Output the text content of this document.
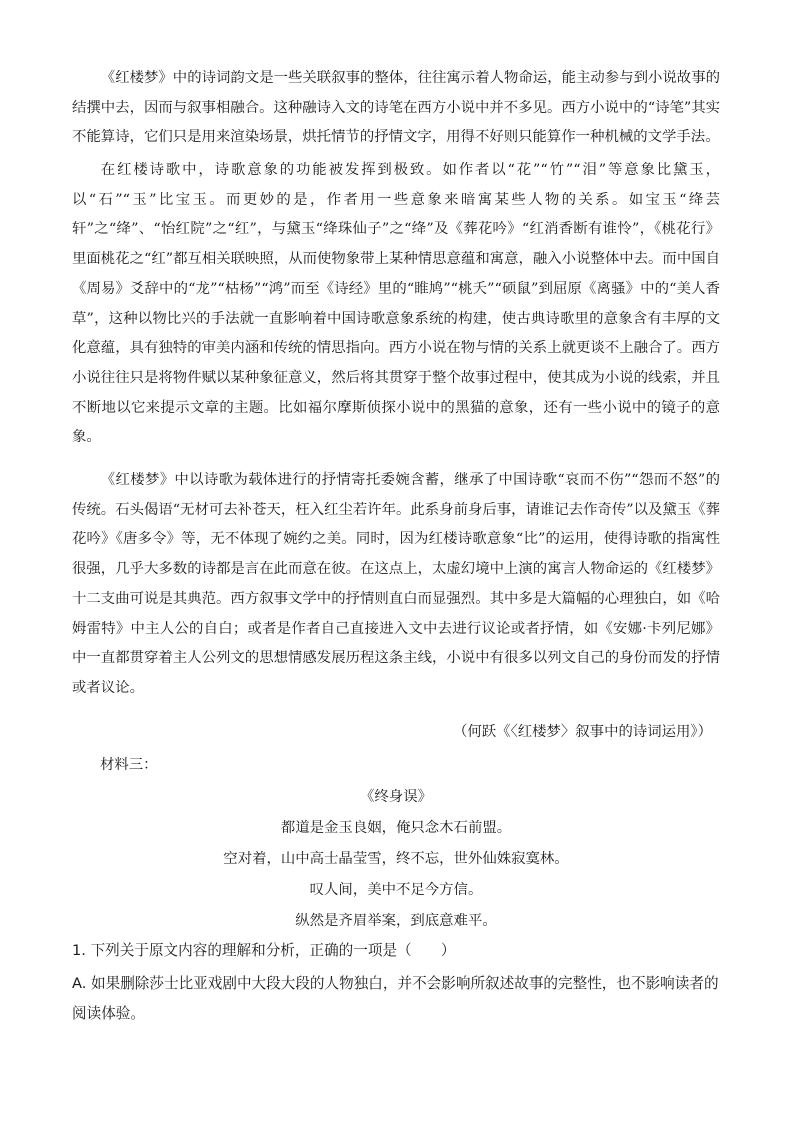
《红楼梦》中的诗词韵文是一些关联叙事的整体，往往寓示着人物命运，能主动参与到小说故事的结撰中去，因而与叙事相融合。这种融诗入文的诗笔在西方小说中并不多见。西方小说中的“诗笔”其实不能算诗，它们只是用来渲染场景，烘托情节的抒情文字，用得不好则只能算作一种机械的文学手法。

在红楼诗歌中，诗歌意象的功能被发挥到极致。如作者以“花”“竹”“泪”等意象比黛玉，以“石”“玉”比宝玉。而更妙的是，作者用一些意象来暗寓某些人物的关系。如宝玉“绛芸轩”之“绛”、“怡红院”之“红”，与黛玉“绛珠仙子”之“绛”及《葬花吟》“红消香断有谁怜”，《桃花行》里面桃花之“红”都互相关联映照，从而使物象带上某种情思意蕴和寓意，融入小说整体中去。而中国自《周易》爻辞中的“龙”“枯杨”“鸿”而至《诗经》里的“睢鸠”“桃夭”“硕鼠”到屈原《离骚》中的“美人香草”，这种以物比兴的手法就一直影响着中国诗歌意象系统的构建，使古典诗歌里的意象含有丰厚的文化意蕴，具有独特的审美内涵和传统的情思指向。西方小说在物与情的关系上就更谈不上融合了。西方小说往往只是将物件赋以某种象征意义，然后将其贯穿于整个故事过程中，使其成为小说的线索，并且不断地以它来提示文章的主题。比如福尔摩斯侦探小说中的黑猫的意象，还有一些小说中的镜子的意象。

《红楼梦》中以诗歌为载体进行的抒情寄托委婉含蓄，继承了中国诗歌“哀而不伤”“怨而不怒”的传统。石头偈语“无材可去补苍天，枉入红尘若许年。此系身前身后事，请谁记去作奇传”以及黛玉《葬花吟》《唐多令》等，无不体现了婉约之美。同时，因为红楼诗歌意象“比”的运用，使得诗歌的指寓性很强，几乎大多数的诗都是言在此而意在彼。在这点上，太虚幻境中上演的寓言人物命运的《红楼梦》十二支曲可说是其典范。西方叙事文学中的抒情则直白而显强烈。其中多是大篇幅的心理独白，如《哈姆雷特》中主人公的自白；或者是作者自己直接进入文中去进行议论或者抒情，如《安娜·卡列尼娜》中一直都贯穿着主人公列文的思想情感发展历程这条主线，小说中有很多以列文自己的身份而发的抒情或者议论。

（何跃《〈红楼梦〉叙事中的诗词运用》）

材料三：

《终身误》
都道是金玉良姻，俺只念木石前盟。
空对着，山中高士晶莹雪，终不忘，世外仙姝寂寞林。
叹人间，美中不足今方信。
纵然是齐眉举案，到底意难平。

1. 下列关于原文内容的理解和分析，正确的一项是（　　）

A. 如果删除莎士比亚戏剧中大段大段的人物独白，并不会影响所叙述故事的完整性，也不影响读者的阅读体验。
